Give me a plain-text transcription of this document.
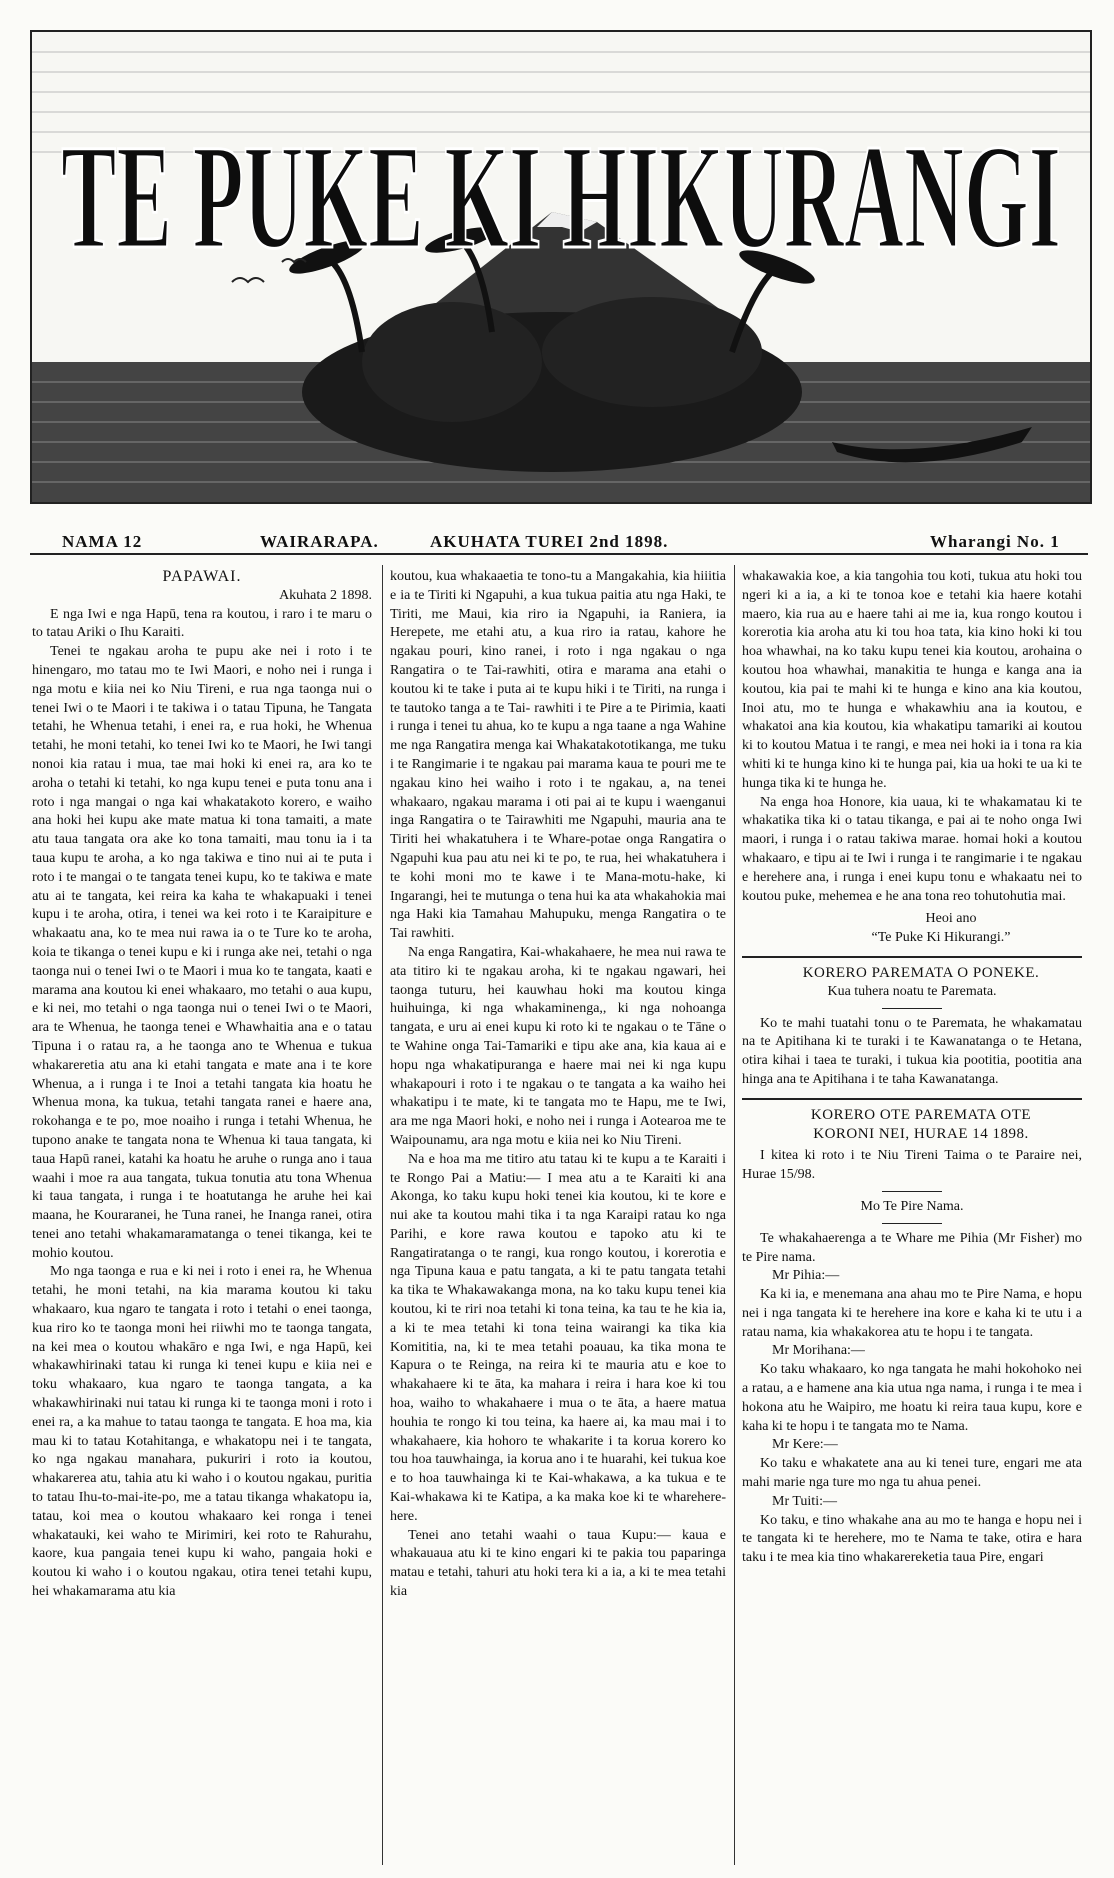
TE PUKE KI HIKURANGI
NAMA 12	WAIRARAPA.	AKUHATA TUREI 2nd 1898.	Wharangi No. 1

PAPAWAI.

Akuhata 2 1898.

E nga Iwi e nga Hapū, tena ra koutou, i raro i te maru o to tatau Ariki o Ihu Karaiti.

Tenei te ngakau aroha te pupu ake nei i roto i te hinengaro, mo tatau mo te Iwi Maori, e noho nei i runga i nga motu e kiia nei ko Niu Tireni, e rua nga taonga nui o tenei Iwi o te Maori i te takiwa i o tatau Tipuna, he Tangata tetahi, he Whenua tetahi, i enei ra, e rua hoki, he Whenua tetahi, he moni tetahi, ko tenei Iwi ko te Maori, he Iwi tangi nonoi kia ratau i mua, tae mai hoki ki enei ra, ara ko te aroha o tetahi ki tetahi, ko nga kupu tenei e puta tonu ana i roto i nga mangai o nga kai whakatakoto korero, e waiho ana hoki hei kupu ake mate matua ki tona tamaiti, a mate atu taua tangata ora ake ko tona tamaiti, mau tonu ia i ta taua kupu te aroha, a ko nga takiwa e tino nui ai te puta i roto i te mangai o te tangata tenei kupu, ko te takiwa e mate atu ai te tangata, kei reira ka kaha te whakapuaki i tenei kupu i te aroha, otira, i tenei wa kei roto i te Karaipiture e whakaatu ana, ko te mea nui rawa ia o te Ture ko te aroha, koia te tikanga o tenei kupu e ki i runga ake nei, tetahi o nga taonga nui o tenei Iwi o te Maori i mua ko te tangata, kaati e marama ana koutou ki enei whakaaro, mo tetahi o aua kupu, e ki nei, mo tetahi o nga taonga nui o tenei Iwi o te Maori, ara te Whenua, he taonga tenei e Whawhaitia ana e o tatau Tipuna i o ratau ra, a he taonga ano te Whenua e tukua whakareretia atu ana ki etahi tangata e mate ana i te kore Whenua, a i runga i te Inoi a tetahi tangata kia hoatu he Whenua mona, ka tukua, tetahi tangata ranei e haere ana, rokohanga e te po, moe noaiho i runga i tetahi Whenua, he tupono anake te tangata nona te Whenua ki taua tangata, ki taua Hapū ranei, katahi ka hoatu he aruhe o runga ano i taua waahi i moe ra aua tangata, tukua tonutia atu tona Whenua ki taua tangata, i runga i te hoatutanga he aruhe hei kai maana, he Kouraranei, he Tuna ranei, he Inanga ranei, otira tenei ano tetahi whakamaramatanga o tenei tikanga, kei te mohio koutou.

Mo nga taonga e rua e ki nei i roto i enei ra, he Whenua tetahi, he moni tetahi, na kia marama koutou ki taku whakaaro, kua ngaro te tangata i roto i tetahi o enei taonga, kua riro ko te taonga moni hei riiwhi mo te taonga tangata, na kei mea o koutou whakāro e nga Iwi, e nga Hapū, kei whakawhirinaki tatau ki runga ki tenei kupu e kiia nei e toku whakaaro, kua ngaro te taonga tangata, a ka whakawhirinaki nui tatau ki runga ki te taonga moni i roto i enei ra, a ka mahue to tatau taonga te tangata. E hoa ma, kia mau ki to tatau Kotahitanga, e whakatopu nei i te tangata, ko nga ngakau manahara, pukuriri i roto ia koutou, whakarerea atu, tahia atu ki waho i o koutou ngakau, puritia to tatau Ihu-to-mai-ite-po, me a tatau tikanga whakatopu ia, tatau, koi mea o koutou whakaaro kei ronga i tenei whakatauki, kei waho te Mirimiri, kei roto te Rahurahu, kaore, kua pangaia tenei kupu ki waho, pangaia hoki e koutou ki waho i o koutou ngakau, otira tenei tetahi kupu, hei whakamarama atu kia

koutou, kua whakaaetia te tono-tu a Mangakahia, kia hiiitia e ia te Tiriti ki Ngapuhi, a kua tukua paitia atu nga Haki, te Tiriti, me Maui, kia riro ia Ngapuhi, ia Raniera, ia Herepete, me etahi atu, a kua riro ia ratau, kahore he ngakau pouri, kino ranei, i roto i nga ngakau o nga Rangatira o te Tai-rawhiti, otira e marama ana etahi o koutou ki te take i puta ai te kupu hiki i te Tiriti, na runga i te tautoko tanga a te Tai- rawhiti i te Pire a te Pirimia, kaati i runga i tenei tu ahua, ko te kupu a nga taane a nga Wahine me nga Rangatira menga kai Whakatakototikanga, me tuku i te Rangimarie i te ngakau pai marama kaua te pouri me te ngakau kino hei waiho i roto i te ngakau, a, na tenei whakaaro, ngakau marama i oti pai ai te kupu i waenganui inga Rangatira o te Tairawhiti me Ngapuhi, mauria ana te Tiriti hei whakatuhera i te Whare-potae onga Rangatira o Ngapuhi kua pau atu nei ki te po, te rua, hei whakatuhera i te kohi moni mo te kawe i te Mana-motu-hake, ki Ingarangi, hei te mutunga o tena hui ka ata whakahokia mai nga Haki kia Tamahau Mahupuku, menga Rangatira o te Tai rawhiti.

Na enga Rangatira, Kai-whakahaere, he mea nui rawa te ata titiro ki te ngakau aroha, ki te ngakau ngawari, hei taonga tuturu, hei kauwhau hoki ma koutou kinga huihuinga, ki nga whakaminenga,, ki nga nohoanga tangata, e uru ai enei kupu ki roto ki te ngakau o te Tāne o te Wahine onga Tai-Tamariki e tipu ake ana, kia kaua ai e hopu nga whakatipuranga e haere mai nei ki nga kupu whakapouri i roto i te ngakau o te tangata a ka waiho hei whakatipu i te mate, ki te tangata mo te Hapu, me te Iwi, ara me nga Maori hoki, e noho nei i runga i Aotearoa me te Waipounamu, ara nga motu e kiia nei ko Niu Tireni.

Na e hoa ma me titiro atu tatau ki te kupu a te Karaiti i te Rongo Pai a Matiu:— I mea atu a te Karaiti ki ana Akonga, ko taku kupu hoki tenei kia koutou, ki te kore e nui ake ta koutou mahi tika i ta nga Karaipi ratau ko nga Parihi, e kore rawa koutou e tapoko atu ki te Rangatiratanga o te rangi, kua rongo koutou, i korerotia e nga Tipuna kaua e patu tangata, a ki te patu tangata tetahi ka tika te Whakawakanga mona, na ko taku kupu tenei kia koutou, ki te riri noa tetahi ki tona teina, ka tau te he kia ia, a ki te mea tetahi ki tona teina wairangi ka tika kia Komititia, na, ki te mea tetahi poauau, ka tika mona te Kapura o te Reinga, na reira ki te mauria atu e koe to whakahaere ki te āta, ka mahara i reira i hara koe ki tou hoa, waiho to whakahaere i mua o te āta, a haere matua houhia te rongo ki tou teina, ka haere ai, ka mau mai i to whakahaere, kia hohoro te whakarite i ta korua korero ko tou hoa tauwhainga, ia korua ano i te huarahi, kei tukua koe e to hoa tauwhainga ki te Kai-whakawa, a ka tukua e te Kai-whakawa ki te Katipa, a ka maka koe ki te wharehere-here.

Tenei ano tetahi waahi o taua Kupu:— kaua e whakauaua atu ki te kino engari ki te pakia tou paparinga matau e tetahi, tahuri atu hoki tera ki a ia, a ki te mea tetahi kia

whakawakia koe, a kia tangohia tou koti, tukua atu hoki tou ngeri ki a ia, a ki te tonoa koe e tetahi kia haere kotahi maero, kia rua au e haere tahi ai me ia, kua rongo koutou i korerotia kia aroha atu ki tou hoa tata, kia kino hoki ki tou hoa whawhai, na ko taku kupu tenei kia koutou, arohaina o koutou hoa whawhai, manakitia te hunga e kanga ana ia koutou, kia pai te mahi ki te hunga e kino ana kia koutou, Inoi atu, mo te hunga e whakawhiu ana ia koutou, e whakatoi ana kia koutou, kia whakatipu tamariki ai koutou ki to koutou Matua i te rangi, e mea nei hoki ia i tona ra kia whiti ki te hunga kino ki te hunga pai, kia ua hoki te ua ki te hunga tika ki te hunga he.

Na enga hoa Honore, kia uaua, ki te whakamatau ki te whakatika tika ki o tatau tikanga, e pai ai te noho onga Iwi maori, i runga i o ratau takiwa marae. homai hoki a koutou whakaaro, e tipu ai te Iwi i runga i te rangimarie i te ngakau e herehere ana, i runga i enei kupu tonu e whakaatu nei to koutou puke, mehemea e he ana tona reo tohutohutia mai.

Heoi ano

“Te Puke Ki Hikurangi.”

KORERO PAREMATA O PONEKE.

Kua tuhera noatu te Paremata.

Ko te mahi tuatahi tonu o te Paremata, he whakamatau na te Apitihana ki te turaki i te Kawanatanga o te Hetana, otira kihai i taea te turaki, i tukua kia pootitia, pootitia ana hinga ana te Apitihana i te taha Kawanatanga.

KORERO OTE PAREMATA OTE

KORONI NEI, HURAE 14 1898.

I kitea ki roto i te Niu Tireni Taima o te Paraire nei, Hurae 15/98.

Mo Te Pire Nama.

Te whakahaerenga a te Whare me Pihia (Mr Fisher) mo te Pire nama.

Mr Pihia:—

Ka ki ia, e menemana ana ahau mo te Pire Nama, e hopu nei i nga tangata ki te herehere ina kore e kaha ki te utu i a ratau nama, kia whakakorea atu te hopu i te tangata.

Mr Morihana:—

Ko taku whakaaro, ko nga tangata he mahi hokohoko nei a ratau, a e hamene ana kia utua nga nama, i runga i te mea i hokona atu he Waipiro, me hoatu ki reira taua kupu, kore e kaha ki te hopu i te tangata mo te Nama.

Mr Kere:—

Ko taku e whakatete ana au ki tenei ture, engari me ata mahi marie nga ture mo nga tu ahua penei.

Mr Tuiti:—

Ko taku, e tino whakahe ana au mo te hanga e hopu nei i te tangata ki te herehere, mo te Nama te take, otira e hara taku i te mea kia tino whakarereketia taua Pire, engari
